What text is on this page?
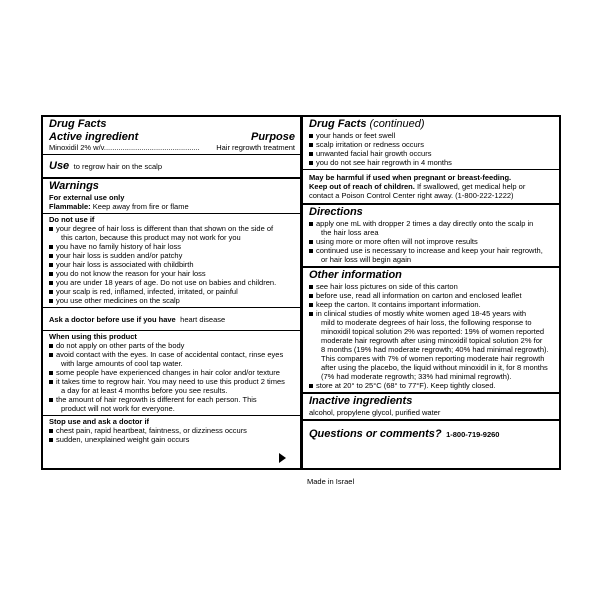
Drug Facts
Active ingredient	Purpose
Minoxidil 2% w/v.............................................. Hair regrowth treatment
Use to regrow hair on the scalp
Warnings
For external use only
Flammable: Keep away from fire or flame
Do not use if
your degree of hair loss is different than that shown on the side of
this carton, because this product may not work for you
you have no family history of hair loss
your hair loss is sudden and/or patchy
your hair loss is associated with childbirth
you do not know the reason for your hair loss
you are under 18 years of age. Do not use on babies and children.
your scalp is red, inflamed, infected, irritated, or painful
you use other medicines on the scalp
Ask a doctor before use if you have heart disease
When using this product
do not apply on other parts of the body
avoid contact with the eyes. In case of accidental contact, rinse eyes
with large amounts of cool tap water.
some people have experienced changes in hair color and/or texture
it takes time to regrow hair. You may need to use this product 2 times
a day for at least 4 months before you see results.
the amount of hair regrowth is different for each person. This
product will not work for everyone.
Stop use and ask a doctor if
chest pain, rapid heartbeat, faintness, or dizziness occurs
sudden, unexplained weight gain occurs
Drug Facts (continued)
your hands or feet swell
scalp irritation or redness occurs
unwanted facial hair growth occurs
you do not see hair regrowth in 4 months
May be harmful if used when pregnant or breast-feeding.
Keep out of reach of children. If swallowed, get medical help or
contact a Poison Control Center right away. (1-800-222-1222)
Directions
apply one mL with dropper 2 times a day directly onto the scalp in
the hair loss area
using more or more often will not improve results
continued use is necessary to increase and keep your hair regrowth,
or hair loss will begin again
Other information
see hair loss pictures on side of this carton
before use, read all information on carton and enclosed leaflet
keep the carton. It contains important information.
in clinical studies of mostly white women aged 18-45 years with
mild to moderate degrees of hair loss, the following response to
minoxidil topical solution 2% was reported: 19% of women reported
moderate hair regrowth after using minoxidil topical solution 2% for
8 months (19% had moderate regrowth; 40% had minimal regrowth).
This compares with 7% of women reporting moderate hair regrowth
after using the placebo, the liquid without minoxidil in it, for 8 months
(7% had moderate regrowth; 33% had minimal regrowth).
store at 20° to 25°C (68° to 77°F). Keep tightly closed.
Inactive ingredients
alcohol, propylene glycol, purified water
Questions or comments? 1-800-719-9260
Made in Israel
